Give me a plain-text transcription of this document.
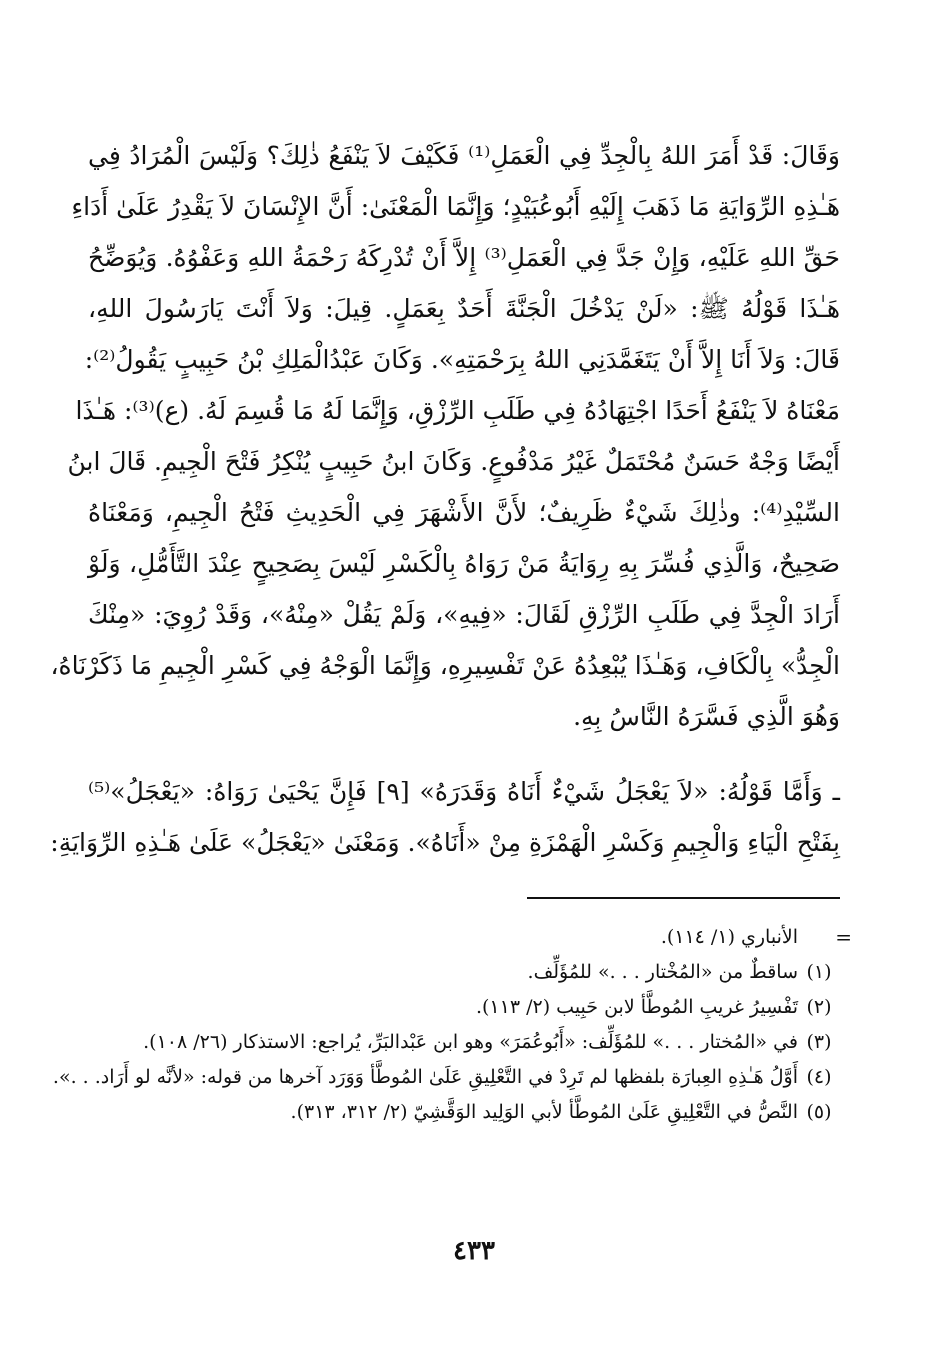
وَقَالَ: قَدْ أَمَرَ اللهُ بِالْجِدِّ فِي الْعَمَلِ⁽¹⁾ فَكَيْفَ لاَ يَنْفَعُ ذٰلِكَ؟ وَلَيْسَ الْمُرَادُ فِي
هَـٰذِهِ الرِّوَايَةِ مَا ذَهَبَ إِلَيْهِ أَبُوعُبَيْدٍ؛ وَإِنَّمَا الْمَعْنَىٰ: أَنَّ الإِنْسَانَ لاَ يَقْدِرُ عَلَىٰ أَدَاءِ
حَقِّ اللهِ عَلَيْهِ، وَإِنْ جَدَّ فِي الْعَمَلِ⁽³⁾ إِلاَّ أَنْ تُدْرِكَهُ رَحْمَةُ اللهِ وَعَفْوُهُ. وَيُوَضِّحُ
هَـٰذَا قَوْلُهُ ﷺ: «لَنْ يَدْخُلَ الْجَنَّةَ أَحَدٌ بِعَمَلٍ. قِيلَ: وَلاَ أَنْتَ يَارَسُولَ اللهِ،
قَالَ: وَلاَ أَنَا إِلاَّ أَنْ يَتَغَمَّدَنِي اللهُ بِرَحْمَتِهِ». وَكَانَ عَبْدُالْمَلِكِ بْنُ حَبِيبٍ يَقُولُ⁽²⁾:
مَعْنَاهُ لاَ يَنْفَعُ أَحَدًا اجْتِهَادُهُ فِي طَلَبِ الرِّزْقِ، وَإِنَّمَا لَهُ مَا قُسِمَ لَهُ. (ع)⁽³⁾: هَـٰذَا
أَيْضًا وَجْهٌ حَسَنٌ مُحْتَمَلٌ غَيْرُ مَدْفُوعٍ. وَكَانَ ابنُ حَبِيبٍ يُنْكِرُ فَتْحَ الْجِيمِ. قَالَ ابنُ
السِّيْدِ⁽⁴⁾: وذٰلِكَ شَيْءٌ ظَرِيفٌ؛ لأَنَّ الأَشْهَرَ فِي الْحَدِيثِ فَتْحُ الْجِيمِ، وَمَعْنَاهُ
صَحِيحٌ، وَالَّذِي فُسِّرَ بِهِ رِوَايَةُ مَنْ رَوَاهُ بِالْكَسْرِ لَيْسَ بِصَحِيحٍ عِنْدَ التَّأَمُّلِ، وَلَوْ
أَرَادَ الْجِدَّ فِي طَلَبِ الرِّزْقِ لَقَالَ: «فِيهِ»، وَلَمْ يَقُلْ «مِنْهُ»، وَقَدْ رُوِيَ: «مِنْكَ
الْجِدُّ» بِالْكَافِ، وَهَـٰذَا يُبْعِدُهُ عَنْ تَفْسِيرِهِ، وَإِنَّمَا الْوَجْهُ فِي كَسْرِ الْجِيمِ مَا ذَكَرْنَاهُ،
وَهُوَ الَّذِي فَسَّرَهُ النَّاسُ بِهِ.
ـ وَأَمَّا قَوْلُهُ: «لاَ يَعْجَلُ شَيْءٌ أَنَاهُ وَقَدَرَهُ» [٩] فَإِنَّ يَحْيَىٰ رَوَاهُ: «يَعْجَلُ»⁽⁵⁾
بِفَتْحِ الْيَاءِ وَالْجِيمِ وَكَسْرِ الْهَمْزَةِ مِنْ «أَنَاهُ». وَمَعْنَىٰ «يَعْجَلُ» عَلَىٰ هَـٰذِهِ الرِّوَايَةِ:
=
الأنباري (١/ ١١٤).
(١)
ساقطٌ من «المُخْتار . . .» للمُؤَلِّف.
(٢)
تَفْسِيرُ غريبِ المُوطَّأ لابن حَبِيب (٢/ ١١٣).
(٣)
في «المُختار . . .» للمُؤَلِّف: «أَبُوعُمَرَ» وهو ابن عَبْدالبَرِّ، يُراجع: الاستذكار (٢٦/ ١٠٨).
(٤)
أَوَّلُ هَـٰذِهِ العِبارَة بلفظها لم تَرِدْ في التَّعْلِيقِ عَلَىٰ المُوطَّأ وَوَرَد آخرها من قوله: «لأنَّه لو أَرَاد. . .».
(٥)
النَّصُّ في التَّعْلِيقِ عَلَىٰ المُوطَّأ لأبي الوَلِيد الوَقَّشِيّ (٢/ ٣١٢، ٣١٣).
٤٣٣
